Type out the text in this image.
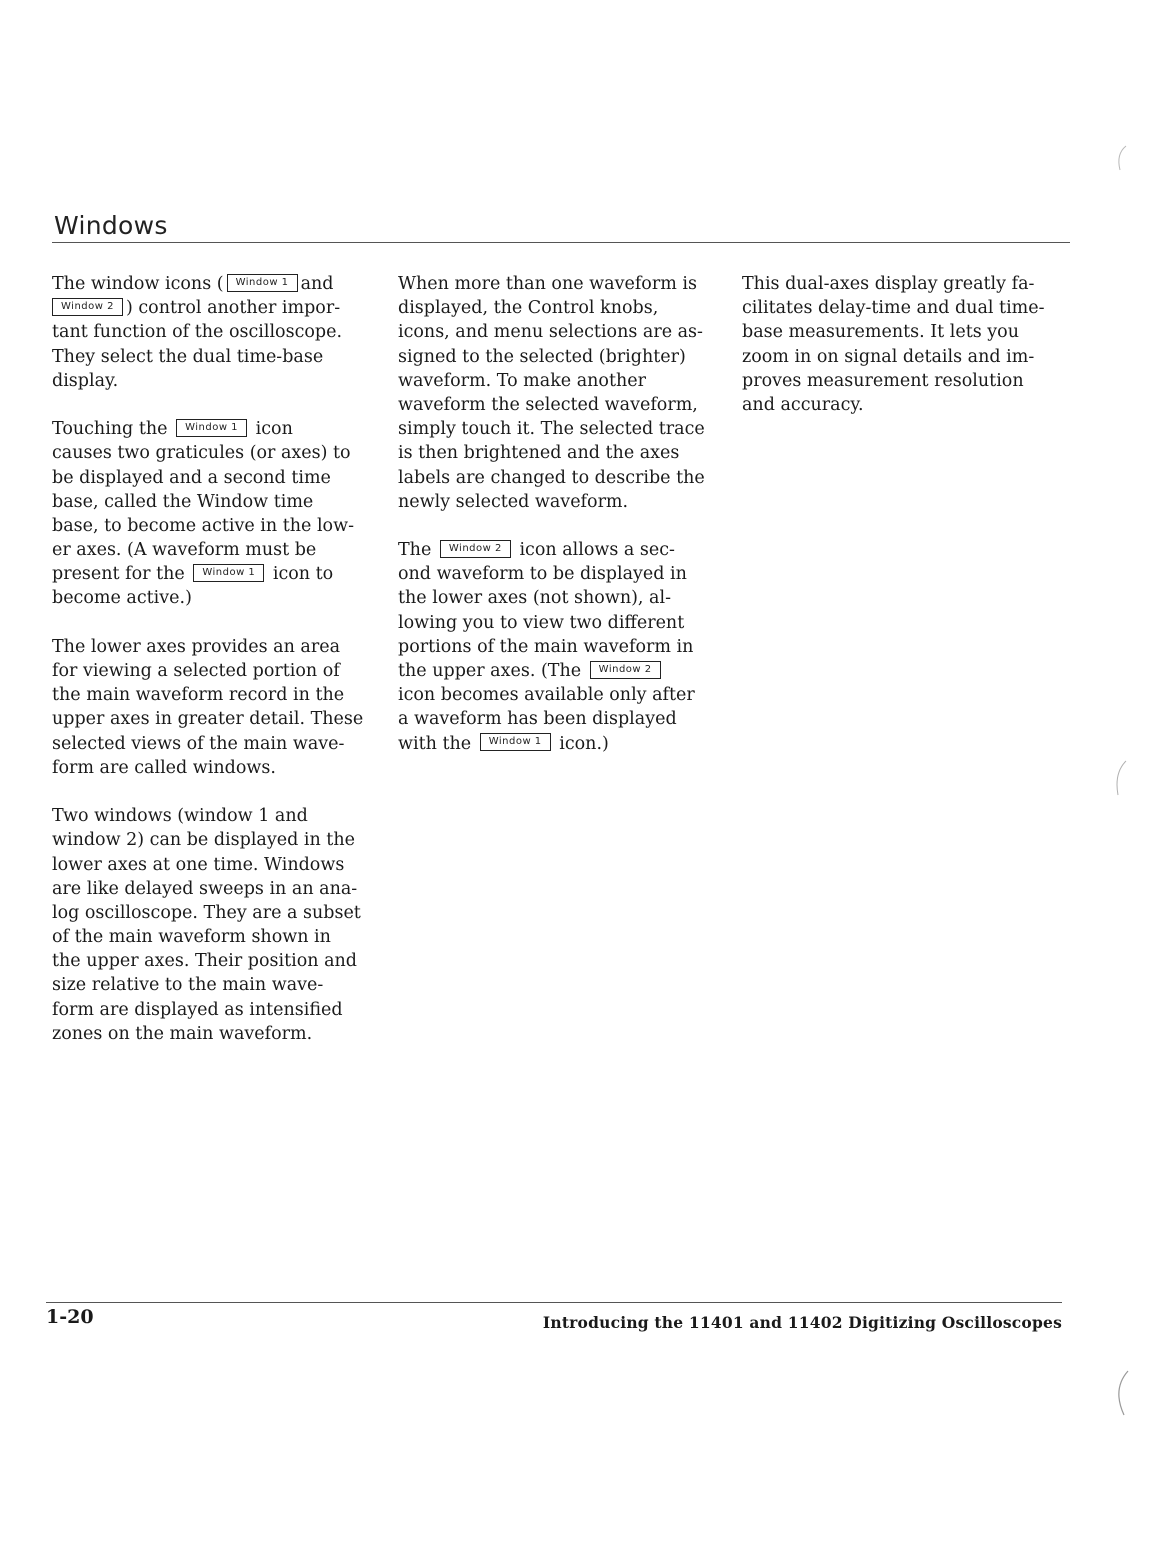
Windows
The window icons ( Window 1 and
Window 2 ) control another impor-
tant function of the oscilloscope.
They select the dual time-base
display.
Touching the Window 1 icon
causes two graticules (or axes) to
be displayed and a second time
base, called the Window time
base, to become active in the low-
er axes. (A waveform must be
present for the Window 1 icon to
become active.)
The lower axes provides an area
for viewing a selected portion of
the main waveform record in the
upper axes in greater detail. These
selected views of the main wave-
form are called windows.
Two windows (window 1 and
window 2) can be displayed in the
lower axes at one time. Windows
are like delayed sweeps in an ana-
log oscilloscope. They are a subset
of the main waveform shown in
the upper axes. Their position and
size relative to the main wave-
form are displayed as intensified
zones on the main waveform.
When more than one waveform is
displayed, the Control knobs,
icons, and menu selections are as-
signed to the selected (brighter)
waveform. To make another
waveform the selected waveform,
simply touch it. The selected trace
is then brightened and the axes
labels are changed to describe the
newly selected waveform.
The Window 2 icon allows a sec-
ond waveform to be displayed in
the lower axes (not shown), al-
lowing you to view two different
portions of the main waveform in
the upper axes. (The Window 2
icon becomes available only after
a waveform has been displayed
with the Window 1 icon.)
This dual-axes display greatly fa-
cilitates delay-time and dual time-
base measurements. It lets you
zoom in on signal details and im-
proves measurement resolution
and accuracy.
1-20	Introducing the 11401 and 11402 Digitizing Oscilloscopes
